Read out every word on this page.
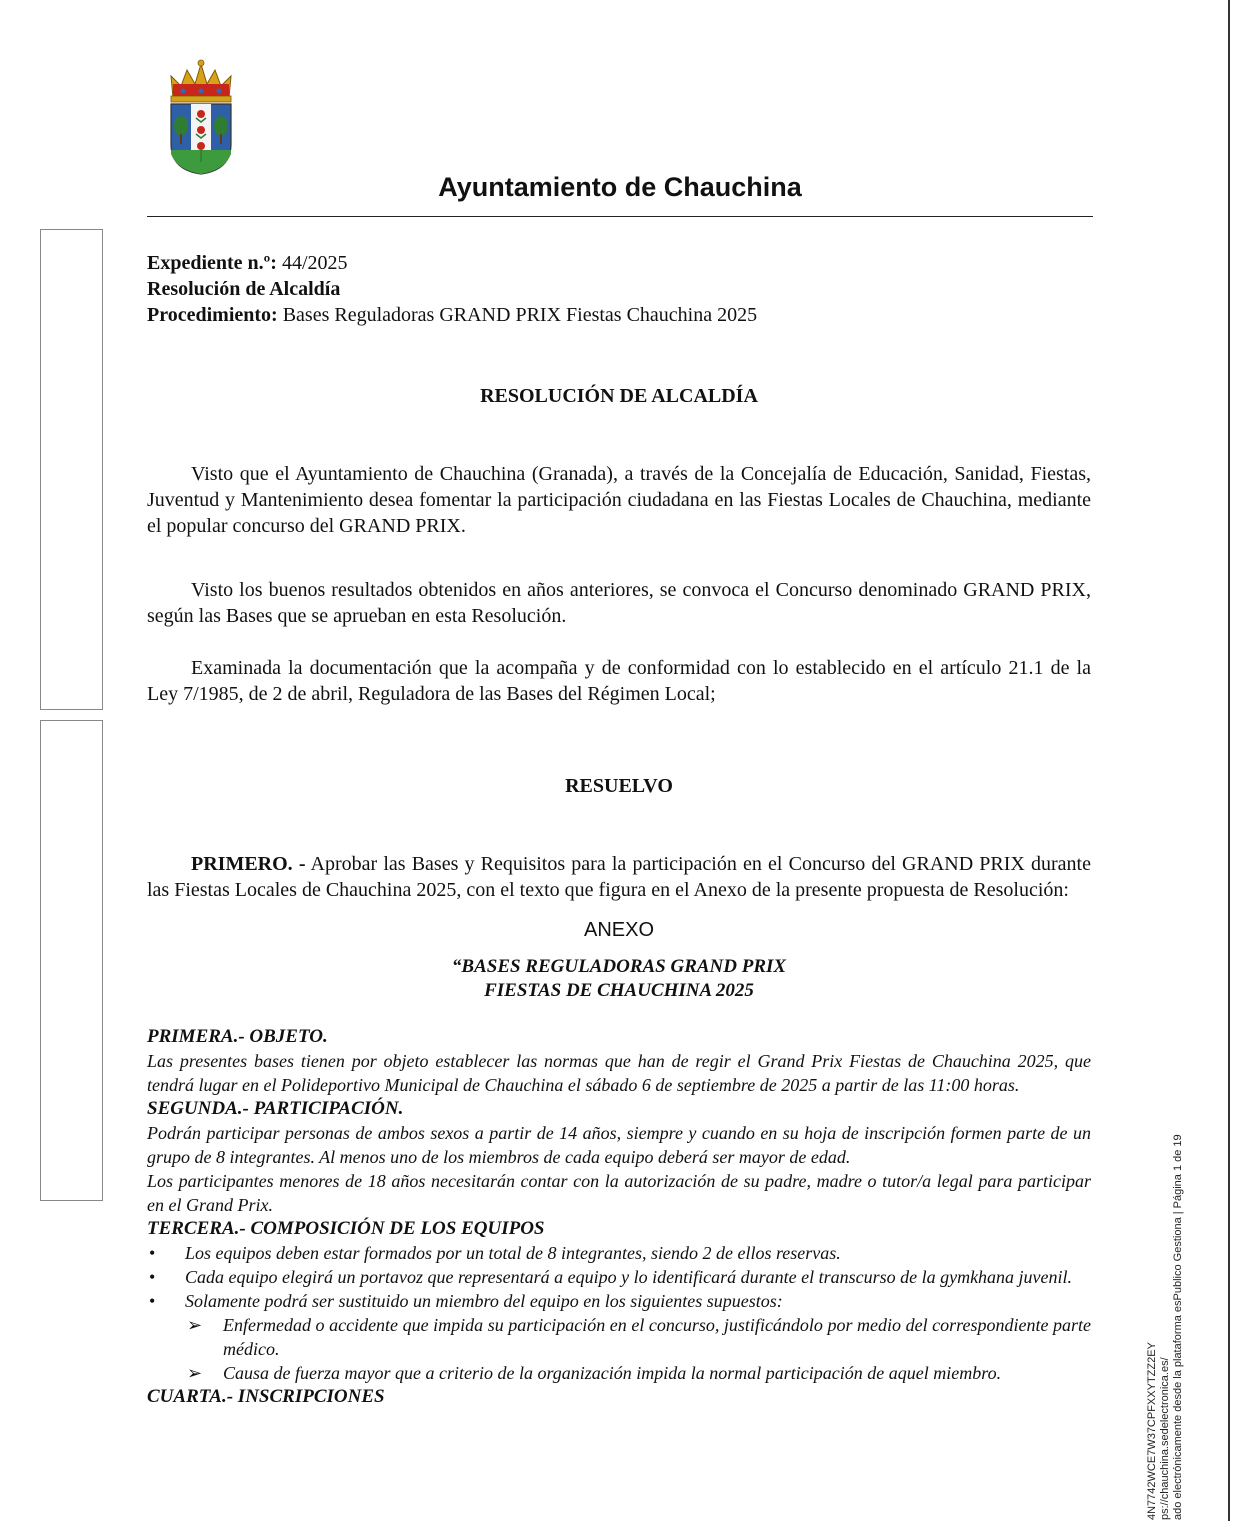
Ayuntamiento de Chauchina

Expediente n.º: 44/2025

Resolución de Alcaldía

Procedimiento: Bases Reguladoras GRAND PRIX Fiestas Chauchina 2025

RESOLUCIÓN DE ALCALDÍA

Visto que el Ayuntamiento de Chauchina (Granada), a través de la Concejalía de Educación, Sanidad, Fiestas, Juventud y Mantenimiento desea fomentar la participación ciudadana en las Fiestas Locales de Chauchina, mediante el popular concurso del GRAND PRIX.

Visto los buenos resultados obtenidos en años anteriores, se convoca el Concurso denominado GRAND PRIX, según las Bases que se aprueban en esta Resolución.

Examinada la documentación que la acompaña y de conformidad con lo establecido en el artículo 21.1 de la Ley 7/1985, de 2 de abril, Reguladora de las Bases del Régimen Local;

RESUELVO

PRIMERO. - Aprobar las Bases y Requisitos para la participación en el Concurso del GRAND PRIX durante las Fiestas Locales de Chauchina 2025, con el texto que figura en el Anexo de la presente propuesta de Resolución:

ANEXO

“BASES REGULADORAS GRAND PRIX

FIESTAS DE CHAUCHINA 2025

PRIMERA.- OBJETO.

Las presentes bases tienen por objeto establecer las normas que han de regir el Grand Prix Fiestas de Chauchina 2025, que tendrá lugar en el Polideportivo Municipal de Chauchina el sábado 6 de septiembre de 2025 a partir de las 11:00 horas.

SEGUNDA.- PARTICIPACIÓN.

Podrán participar personas de ambos sexos a partir de 14 años, siempre y cuando en su hoja de inscripción formen parte de un grupo de 8 integrantes. Al menos uno de los miembros de cada equipo deberá ser mayor de edad.

Los participantes menores de 18 años necesitarán contar con la autorización de su padre, madre o tutor/a legal para participar en el Grand Prix.

TERCERA.- COMPOSICIÓN DE LOS EQUIPOS
• Los equipos deben estar formados por un total de 8 integrantes, siendo 2 de ellos reservas.
• Cada equipo elegirá un portavoz que representará a equipo y lo identificará durante el transcurso de la gymkhana juvenil.
• Solamente podrá ser sustituido un miembro del equipo en los siguientes supuestos:
➢ Enfermedad o accidente que impida su participación en el concurso, justificándolo por medio del correspondiente parte médico.
➢ Causa de fuerza mayor que a criterio de la organización impida la normal participación de aquel miembro.
CUARTA.- INSCRIPCIONES	4N7742WCE7W37CPFXXYTZZ2EY ps://chauchina.sedelectronica.es/ ado electrónicamente desde la plataforma esPublico Gestiona | Página 1 de 19
